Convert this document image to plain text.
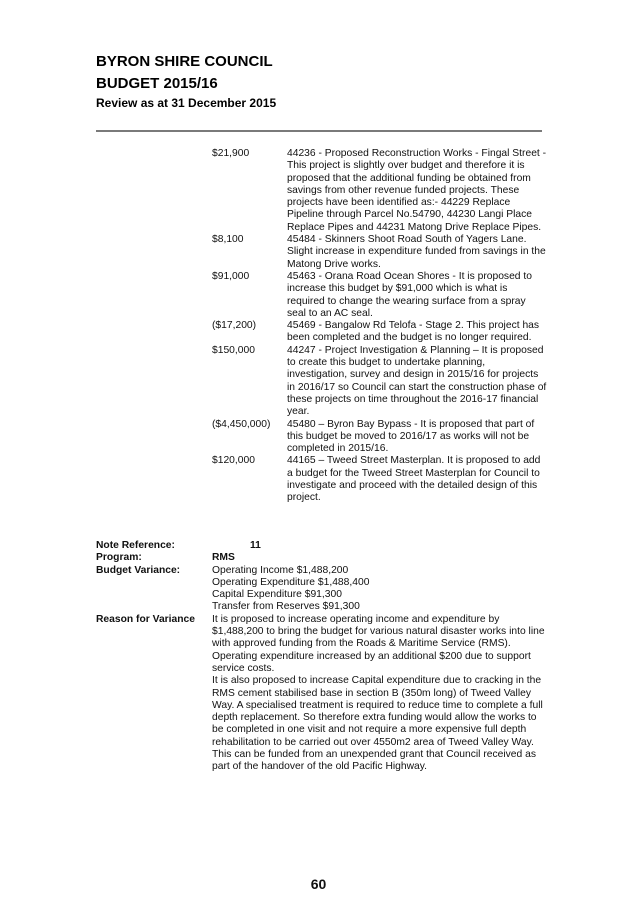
BYRON SHIRE COUNCIL
BUDGET 2015/16
Review as at 31 December 2015
$21,900	44236 - Proposed Reconstruction Works - Fingal Street - This project is slightly over budget and therefore it is proposed that the additional funding be obtained from savings from other revenue funded projects. These projects have been identified as:- 44229 Replace Pipeline through Parcel No.54790, 44230 Langi Place Replace Pipes and 44231 Matong Drive Replace Pipes.
$8,100	45484 - Skinners Shoot Road South of Yagers Lane. Slight increase in expenditure funded from savings in the Matong Drive works.
$91,000	45463 - Orana Road Ocean Shores - It is proposed to increase this budget by $91,000 which is what is required to change the wearing surface from a spray seal to an AC seal.
($17,200)	45469 - Bangalow Rd Telofa - Stage 2. This project has been completed and the budget is no longer required.
$150,000	44247 - Project Investigation & Planning – It is proposed to create this budget to undertake planning, investigation, survey and design in 2015/16 for projects in 2016/17 so Council can start the construction phase of these projects on time throughout the 2016-17 financial year.
($4,450,000)	45480 – Byron Bay Bypass - It is proposed that part of this budget be moved to 2016/17 as works will not be completed in 2015/16.
$120,000	44165 – Tweed Street Masterplan. It is proposed to add a budget for the Tweed Street Masterplan for Council to investigate and proceed with the detailed design of this project.
Note Reference:	11
Program:	RMS
Budget Variance:	Operating Income $1,488,200
Operating Expenditure $1,488,400
Capital Expenditure $91,300
Transfer from Reserves $91,300
Reason for Variance	It is proposed to increase operating income and expenditure by $1,488,200 to bring the budget for various natural disaster works into line with approved funding from the Roads & Maritime Service (RMS).

Operating expenditure increased by an additional $200 due to support service costs.

It is also proposed to increase Capital expenditure due to cracking in the RMS cement stabilised base in section B (350m long) of Tweed Valley Way. A specialised treatment is required to reduce time to complete a full depth replacement. So therefore extra funding would allow the works to be completed in one visit and not require a more expensive full depth rehabilitation to be carried out over 4550m2 area of Tweed Valley Way. This can be funded from an unexpended grant that Council received as part of the handover of the old Pacific Highway.

60
